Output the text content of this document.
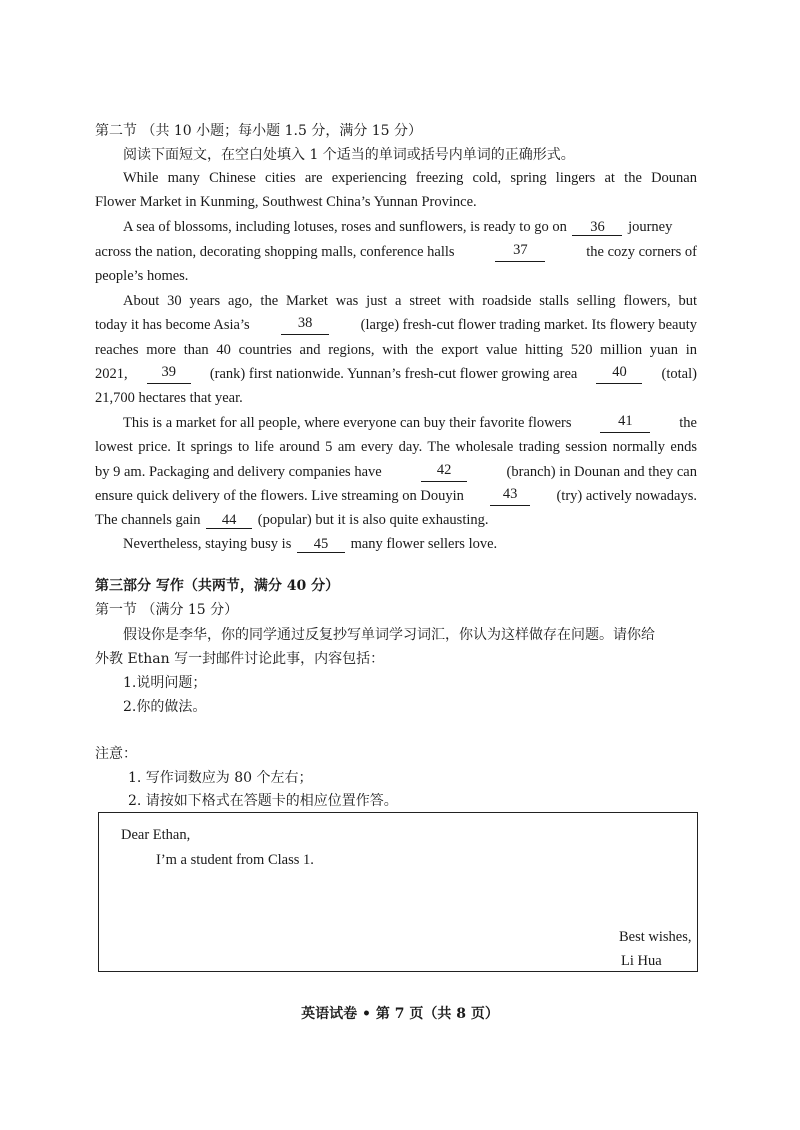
第二节 （共 10 小题；每小题 1.5 分，满分 15 分）
阅读下面短文，在空白处填入 1 个适当的单词或括号内单词的正确形式。
While many Chinese cities are experiencing freezing cold, spring lingers at the Dounan
Flower Market in Kunming, Southwest China’s Yunnan Province.
A sea of blossoms, including lotuses, roses and sunflowers, is ready to go on 36 journey
across the nation, decorating shopping malls, conference halls	37	the cozy corners of
people’s homes.
About 30 years ago, the Market was just a street with roadside stalls selling flowers, but
today it has become Asia’s	38	(large) fresh-cut flower trading market. Its flowery beauty
reaches more than 40 countries and regions, with the export value hitting 520 million yuan in
2021,	39	(rank) first nationwide. Yunnan’s fresh-cut flower growing area	40	(total)
21,700 hectares that year.
This is a market for all people, where everyone can buy their favorite flowers	41	the
lowest price. It springs to life around 5 am every day. The wholesale trading session normally ends
by 9 am. Packaging and delivery companies have	42	(branch) in Dounan and they can
ensure quick delivery of the flowers. Live streaming on Douyin	43	(try) actively nowadays.
The channels gain 44 (popular) but it is also quite exhausting.
Nevertheless, staying busy is 45 many flower sellers love.
第三部分 写作（共两节，满分 40 分）
第一节 （满分 15 分）
假设你是李华，你的同学通过反复抄写单词学习词汇，你认为这样做存在问题。请你给
外教 Ethan 写一封邮件讨论此事，内容包括：
1.说明问题；
2.你的做法。
注意：
1. 写作词数应为 80 个左右；
2. 请按如下格式在答题卡的相应位置作答。
Dear Ethan,
I’m a student from Class 1.
Best wishes,
Li Hua
英语试卷 • 第 7 页（共 8 页）
